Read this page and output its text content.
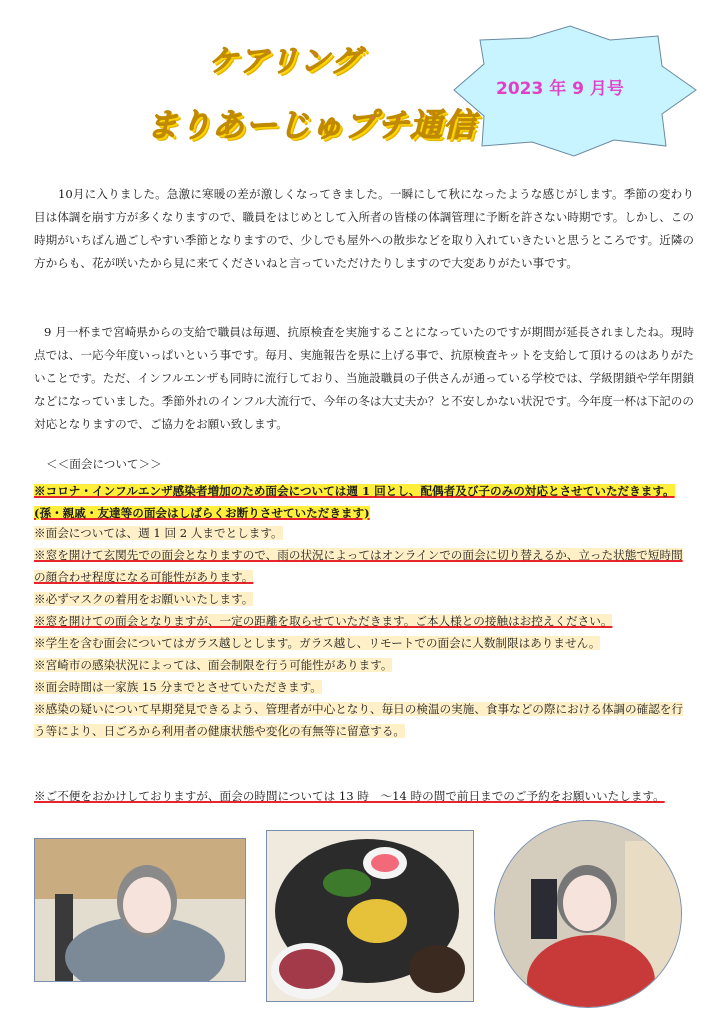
ケアリング
まりあーじゅプチ通信
2023 年 9 月号

10月に入りました。急激に寒暖の差が激しくなってきました。一瞬にして秋になったような感じがします。季節の変わり目は体調を崩す方が多くなりますので、職員をはじめとして入所者の皆様の体調管理に予断を許さない時期です。しかし、この時期がいちばん過ごしやすい季節となりますので、少しでも屋外への散歩などを取り入れていきたいと思うところです。近隣の方からも、花が咲いたから見に来てくださいねと言っていただけたりしますので大変ありがたい事です。

9 月一杯まで宮崎県からの支給で職員は毎週、抗原検査を実施することになっていたのですが期間が延長されましたね。現時点では、一応今年度いっぱいという事です。毎月、実施報告を県に上げる事で、抗原検査キットを支給して頂けるのはありがたいことです。ただ、インフルエンザも同時に流行しており、当施設職員の子供さんが通っている学校では、学級閉鎖や学年閉鎖などになっていました。季節外れのインフル大流行で、今年の冬は大丈夫か？と不安しかない状況です。今年度一杯は下記のの対応となりますので、ご協力をお願い致します。

＜＜面会について＞＞

※コロナ・インフルエンザ感染者増加のため面会については週 1 回とし、配偶者及び子のみの対応とさせていただきます。(孫・親戚・友達等の面会はしばらくお断りさせていただきます)

※面会については、週 1 回 2 人までとします。

※窓を開けて玄関先での面会となりますので、雨の状況によってはオンラインでの面会に切り替えるか、立った状態で短時間の顔合わせ程度になる可能性があります。

※必ずマスクの着用をお願いいたします。

※窓を開けての面会となりますが、一定の距離を取らせていただきます。ご本人様との接触はお控えください。

※学生を含む面会についてはガラス越しとします。ガラス越し、リモートでの面会に人数制限はありません。

※宮崎市の感染状況によっては、面会制限を行う可能性があります。

※面会時間は一家族 15 分までとさせていただきます。

※感染の疑いについて早期発見できるよう、管理者が中心となり、毎日の検温の実施、食事などの際における体調の確認を行う等により、日ごろから利用者の健康状態や変化の有無等に留意する。

※ご不便をおかけしておりますが、面会の時間については 13 時　～14 時の間で前日までのご予約をお願いいたします。
